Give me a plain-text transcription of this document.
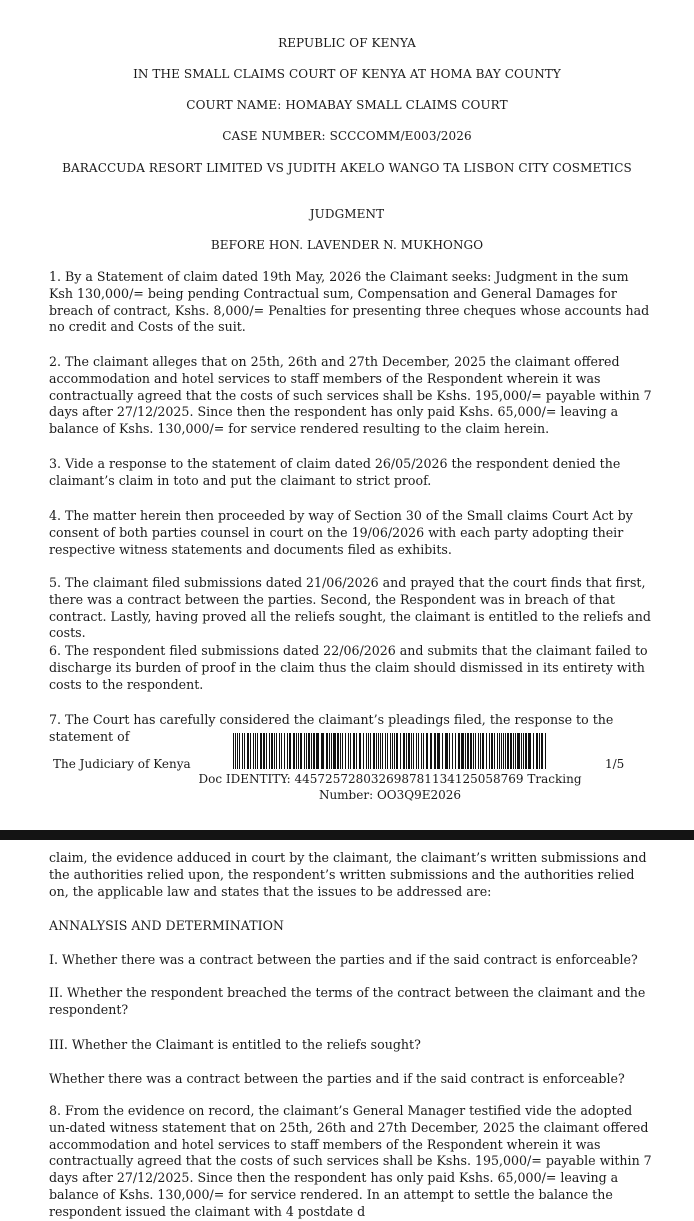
REPUBLIC OF KENYA
IN THE SMALL CLAIMS COURT OF KENYA AT HOMA BAY COUNTY
COURT NAME: HOMABAY SMALL CLAIMS COURT
CASE NUMBER: SCCCOMM/E003/2026
BARACCUDA RESORT LIMITED VS JUDITH AKELO WANGO TA LISBON CITY COSMETICS
JUDGMENT
BEFORE HON. LAVENDER N. MUKHONGO

1. By a Statement of claim dated 19th May, 2026 the Claimant seeks: Judgment in the sum Ksh 130,000/= being pending Contractual sum, Compensation and General Damages for breach of contract, Kshs. 8,000/= Penalties for presenting three cheques whose accounts had no credit and Costs of the suit.

2. The claimant alleges that on 25th, 26th and 27th December, 2025 the claimant offered accommodation and hotel services to staff members of the Respondent wherein it was contractually agreed that the costs of such services shall be Kshs. 195,000/= payable within 7 days after 27/12/2025. Since then the respondent has only paid Kshs. 65,000/= leaving a balance of Kshs. 130,000/= for service rendered resulting to the claim herein.

3. Vide a response to the statement of claim dated 26/05/2026 the respondent denied the claimant’s claim in toto and put the claimant to strict proof.

4. The matter herein then proceeded by way of Section 30 of the Small claims Court Act by consent of both parties counsel in court on the 19/06/2026 with each party adopting their respective witness statements and documents filed as exhibits.

5. The claimant filed submissions dated 21/06/2026 and prayed that the court finds that first, there was a contract between the parties. Second, the Respondent was in breach of that contract. Lastly, having proved all the reliefs sought, the claimant is entitled to the reliefs and costs.

6. The respondent filed submissions dated 22/06/2026 and submits that the claimant failed to discharge its burden of proof in the claim thus the claim should dismissed in its entirety with costs to the respondent.

7. The Court has carefully considered the claimant’s pleadings filed, the response to the statement of

The Judiciary of Kenya	1/5
Doc IDENTITY: 44572572803269878113412505876​9 Tracking Number: OO3Q9E2026

claim, the evidence adduced in court by the claimant, the claimant’s written submissions and the authorities relied upon, the respondent’s written submissions and the authorities relied on, the applicable law and states that the issues to be addressed are:

ANNALYSIS AND DETERMINATION

I. Whether there was a contract between the parties and if the said contract is enforceable?

II. Whether the respondent breached the terms of the contract between the claimant and the respondent?

III. Whether the Claimant is entitled to the reliefs sought?

Whether there was a contract between the parties and if the said contract is enforceable?

8. From the evidence on record, the claimant’s General Manager testified vide the adopted un-dated witness statement that on 25th, 26th and 27th December, 2025 the claimant offered accommodation and hotel services to staff members of the Respondent wherein it was contractually agreed that the costs of such services shall be Kshs. 195,000/= payable within 7 days after 27/12/2025. Since then the respondent has only paid Kshs. 65,000/= leaving a balance of Kshs. 130,000/= for service rendered. In an attempt to settle the balance the respondent issued the claimant with 4 postdate d
